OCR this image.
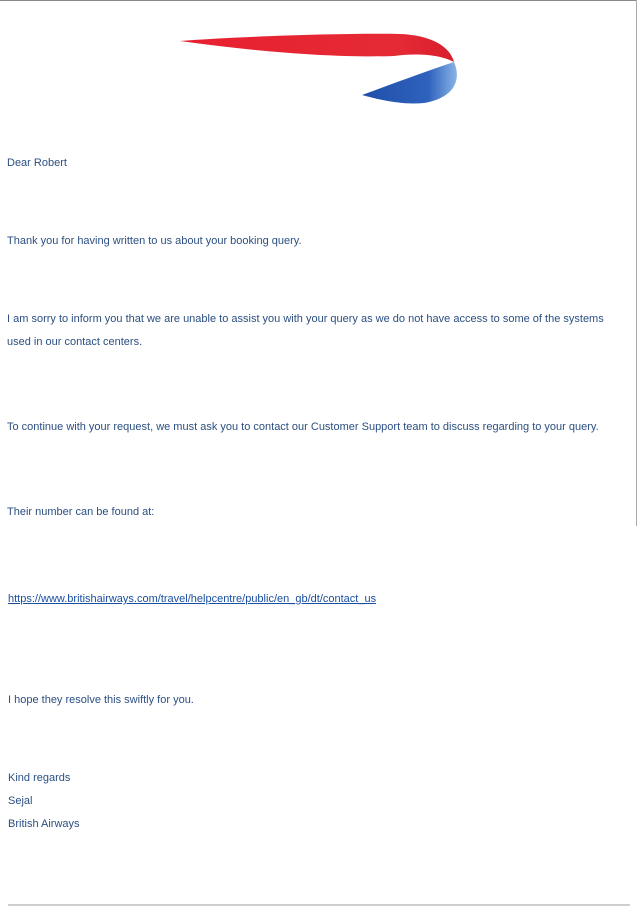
Dear Robert

Thank you for having written to us about your booking query.

I am sorry to inform you that we are unable to assist you with your query as we do not have access to some of the systems used in our contact centers.

To continue with your request, we must ask you to contact our Customer Support team to discuss regarding to your query.

Their number can be found at:

https://www.britishairways.com/travel/helpcentre/public/en_gb/dt/contact_us

I hope they resolve this swiftly for you.

Kind regards

Sejal

British Airways
